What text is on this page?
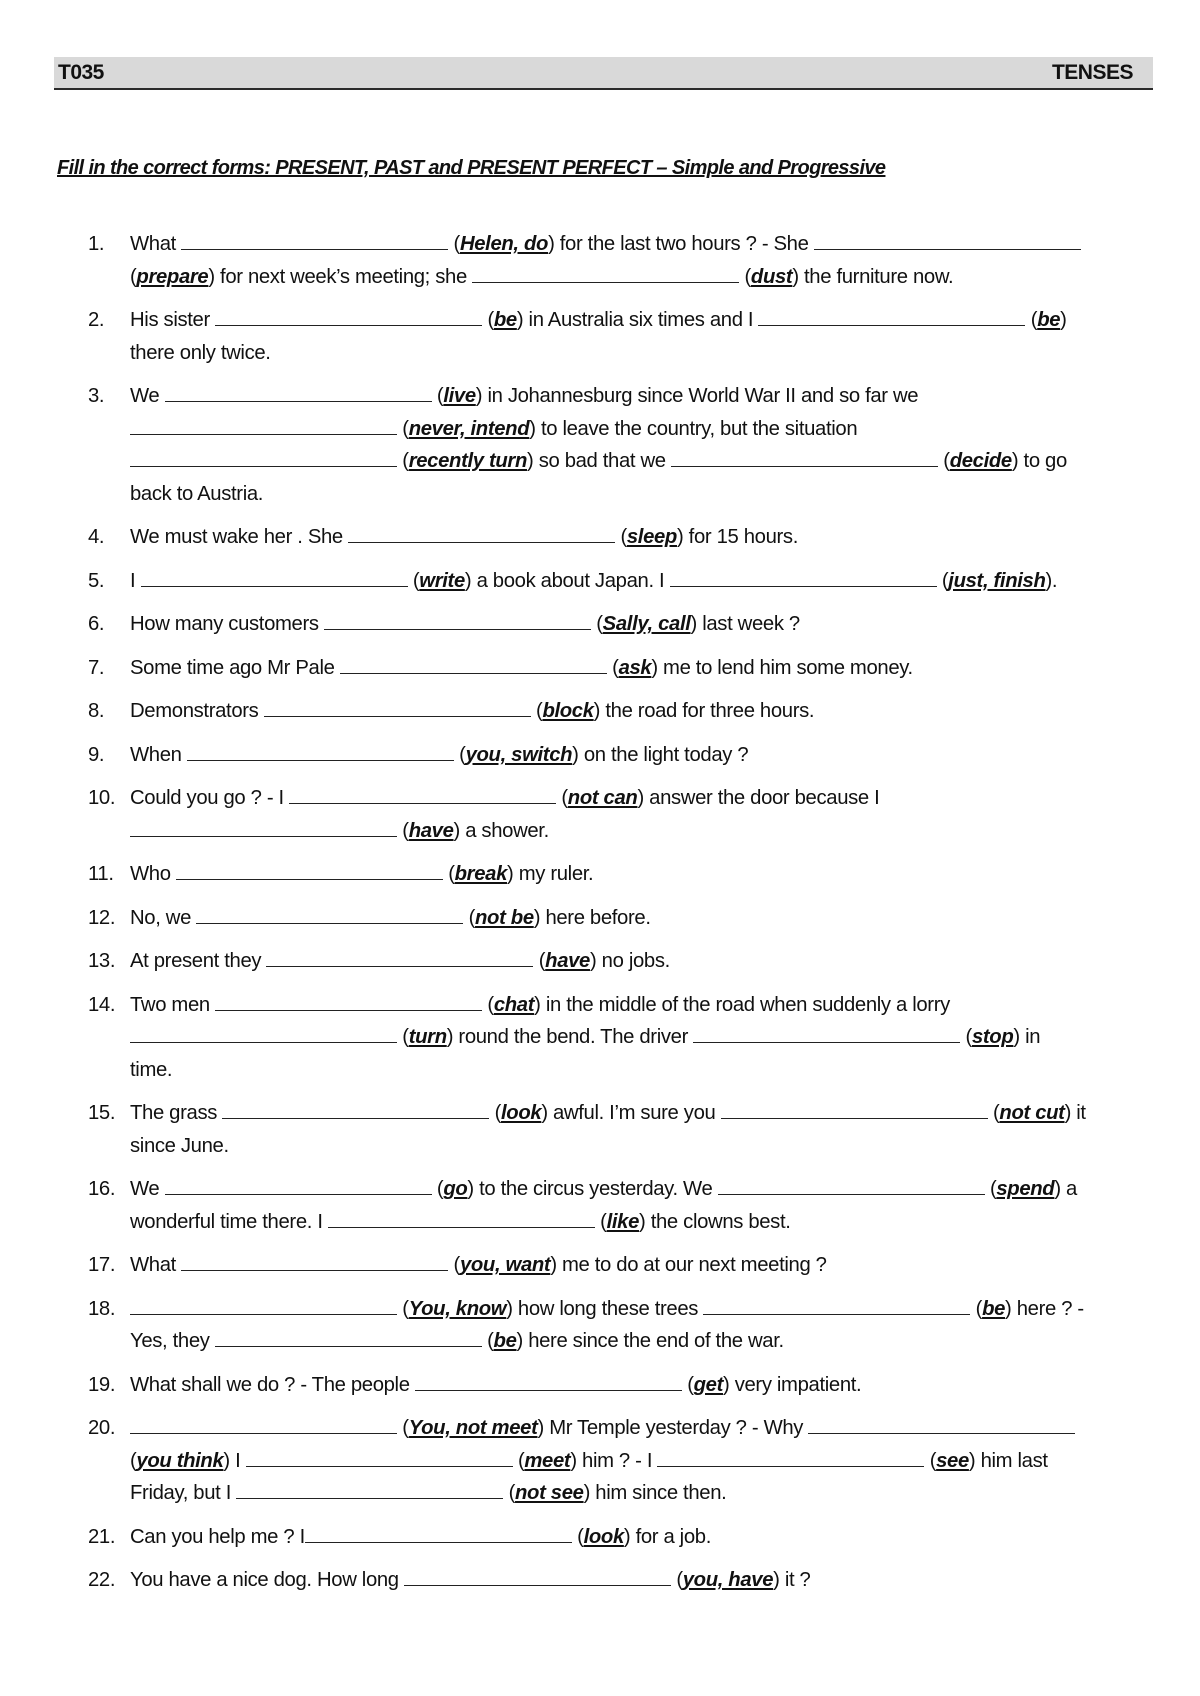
T035	TENSES
Fill in the correct forms: PRESENT, PAST and PRESENT PERFECT – Simple and Progressive
1. What	(Helen, do) for the last two hours ? - She
(prepare) for next week’s meeting; she	(dust) the furniture now.
2. His sister	(be) in Australia six times and I	(be)
there only twice.
3. We	(live) in Johannesburg since World War II and so far we
(never, intend) to leave the country, but the situation
(recently turn) so bad that we	(decide) to go
back to Austria.
4. We must wake her . She	(sleep) for 15 hours.
5. I	(write) a book about Japan. I	(just, finish).
6. How many customers	(Sally, call) last week ?
7. Some time ago Mr Pale	(ask) me to lend him some money.
8. Demonstrators	(block) the road for three hours.
9. When	(you, switch) on the light today ?
10. Could you go ? - I	(not can) answer the door because I
(have) a shower.
11. Who	(break) my ruler.
12. No, we	(not be) here before.
13. At present they	(have) no jobs.
14. Two men	(chat) in the middle of the road when suddenly a lorry
(turn) round the bend. The driver	(stop) in
time.
15. The grass	(look) awful. I’m sure you	(not cut) it
since June.
16. We	(go) to the circus yesterday. We	(spend) a
wonderful time there. I	(like) the clowns best.
17. What	(you, want) me to do at our next meeting ?
18.	(You, know) how long these trees	(be) here ? -
Yes, they	(be) here since the end of the war.
19. What shall we do ? - The people	(get) very impatient.
20.	(You, not meet) Mr Temple yesterday ? - Why
(you think) I	(meet) him ? - I	(see) him last
Friday, but I	(not see) him since then.
21. Can you help me ? I	(look) for a job.
22. You have a nice dog. How long	(you, have) it ?
